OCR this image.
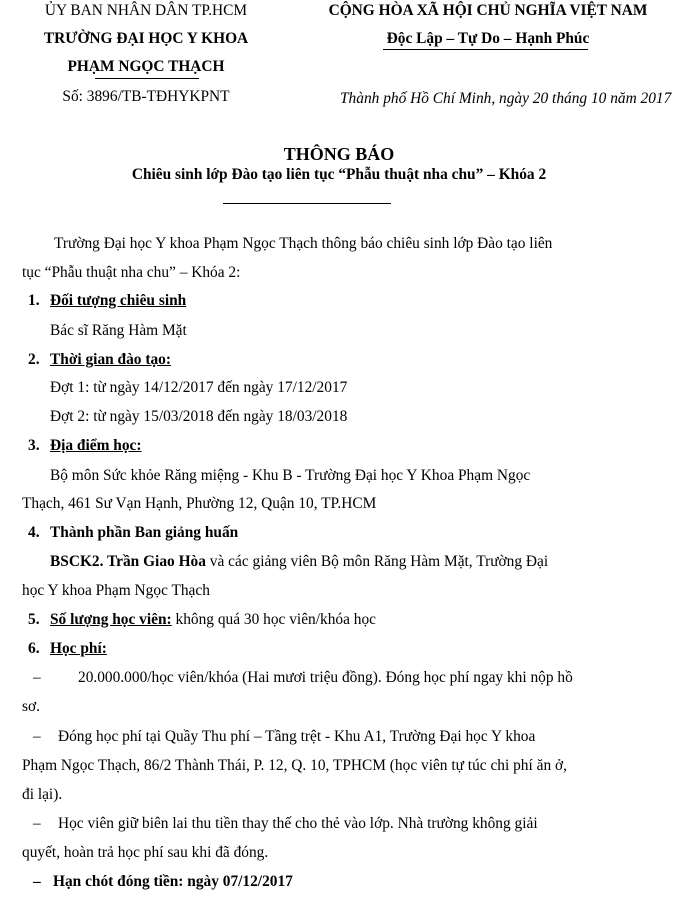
ỦY BAN NHÂN DÂN TP.HCM
TRƯỜNG ĐẠI HỌC Y KHOA
PHẠM NGỌC THẠCH
Số: 3896/TB-TĐHYKPNT
CỘNG HÒA XÃ HỘI CHỦ NGHĨA VIỆT NAM
Độc Lập – Tự Do – Hạnh Phúc
Thành phố Hồ Chí Minh, ngày 20 tháng 10 năm 2017
THÔNG BÁO
Chiêu sinh lớp Đào tạo liên tục “Phẫu thuật nha chu” – Khóa 2
Trường Đại học Y khoa Phạm Ngọc Thạch thông báo chiêu sinh lớp Đào tạo liên
tục “Phẫu thuật nha chu” – Khóa 2:
1. Đối tượng chiêu sinh
Bác sĩ Răng Hàm Mặt
2. Thời gian đào tạo:
Đợt 1: từ ngày 14/12/2017 đến ngày 17/12/2017
Đợt 2: từ ngày 15/03/2018 đến ngày 18/03/2018
3. Địa điểm học:
Bộ môn Sức khỏe Răng miệng - Khu B - Trường Đại học Y Khoa Phạm Ngọc
Thạch, 461 Sư Vạn Hạnh, Phường 12, Quận 10, TP.HCM
4. Thành phần Ban giảng huấn
BSCK2. Trần Giao Hòa và các giảng viên Bộ môn Răng Hàm Mặt, Trường Đại
học Y khoa Phạm Ngọc Thạch
5. Số lượng học viên: không quá 30 học viên/khóa học
6. Học phí:
– 20.000.000/học viên/khóa (Hai mươi triệu đồng). Đóng học phí ngay khi nộp hồ
sơ.
– Đóng học phí tại Quầy Thu phí – Tầng trệt - Khu A1, Trường Đại học Y khoa
Phạm Ngọc Thạch, 86/2 Thành Thái, P. 12, Q. 10, TPHCM (học viên tự túc chi phí ăn ở,
đi lại).
– Học viên giữ biên lai thu tiền thay thế cho thẻ vào lớp. Nhà trường không giải
quyết, hoàn trả học phí sau khi đã đóng.
– Hạn chót đóng tiền: ngày 07/12/2017
